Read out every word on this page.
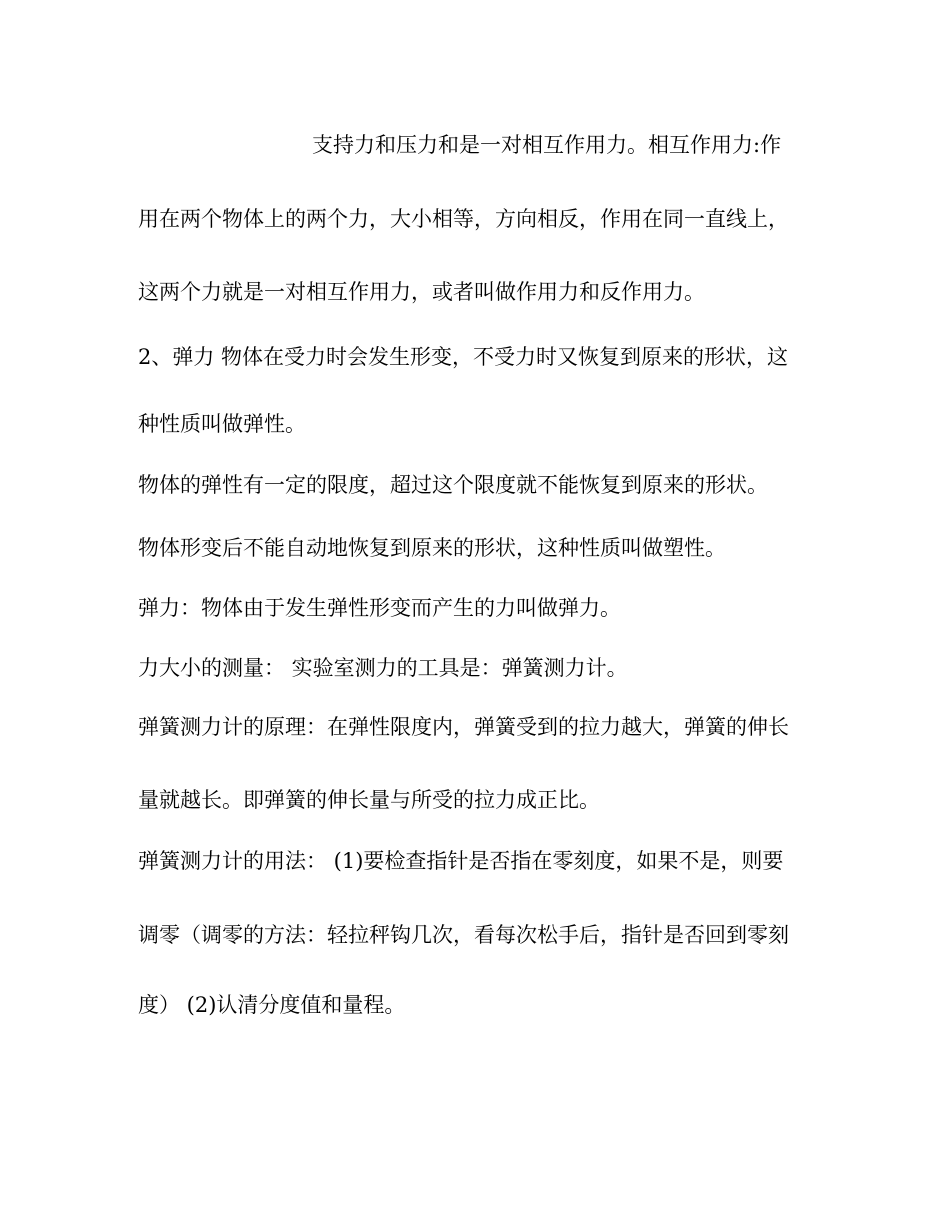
支持力和压力和是一对相互作用力。相互作用力:作
用在两个物体上的两个力，大小相等，方向相反，作用在同一直线上，
这两个力就是一对相互作用力，或者叫做作用力和反作用力。
2、弹力 物体在受力时会发生形变，不受力时又恢复到原来的形状，这
种性质叫做弹性。
物体的弹性有一定的限度，超过这个限度就不能恢复到原来的形状。
物体形变后不能自动地恢复到原来的形状，这种性质叫做塑性。
弹力：物体由于发生弹性形变而产生的力叫做弹力。
力大小的测量： 实验室测力的工具是：弹簧测力计。
弹簧测力计的原理：在弹性限度内，弹簧受到的拉力越大，弹簧的伸长
量就越长。即弹簧的伸长量与所受的拉力成正比。
弹簧测力计的用法： (1)要检查指针是否指在零刻度，如果不是，则要
调零（调零的方法：轻拉秤钩几次，看每次松手后，指针是否回到零刻
度） (2)认清分度值和量程。
